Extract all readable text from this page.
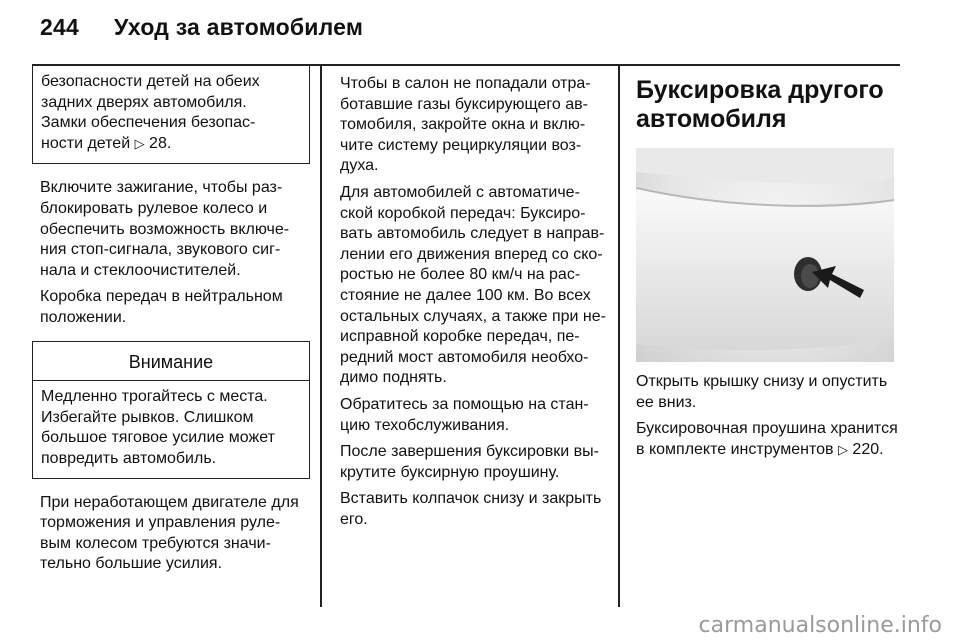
244 Уход за автомобилем
безопасности детей на обеих
задних дверях автомобиля.
Замки обеспечения безопас-
ности детей ▷ 28.

Включите зажигание, чтобы раз-
блокировать рулевое колесо и
обеспечить возможность включе-
ния стоп-сигнала, звукового сиг-
нала и стеклоочистителей.

Коробка передач в нейтральном
положении.

Внимание
Медленно трогайтесь с места.
Избегайте рывков. Слишком
большое тяговое усилие может
повредить автомобиль.

При неработающем двигателе для
торможения и управления руле-
вым колесом требуются значи-
тельно большие усилия.

Чтобы в салон не попадали отра-
ботавшие газы буксирующего ав-
томобиля, закройте окна и вклю-
чите систему рециркуляции воз-
духа.

Для автомобилей с автоматиче-
ской коробкой передач: Буксиро-
вать автомобиль следует в направ-
лении его движения вперед со ско-
ростью не более 80 км/ч на рас-
стояние не далее 100 км. Во всех
остальных случаях, а также при не-
исправной коробке передач, пе-
редний мост автомобиля необхо-
димо поднять.

Обратитесь за помощью на стан-
цию техобслуживания.

После завершения буксировки вы-
крутите буксирную проушину.

Вставить колпачок снизу и закрыть
его.

Буксировка другого
автомобиля

Открыть крышку снизу и опустить
ее вниз.

Буксировочная проушина хранится
в комплекте инструментов ▷ 220.

carmanualsonline.info
